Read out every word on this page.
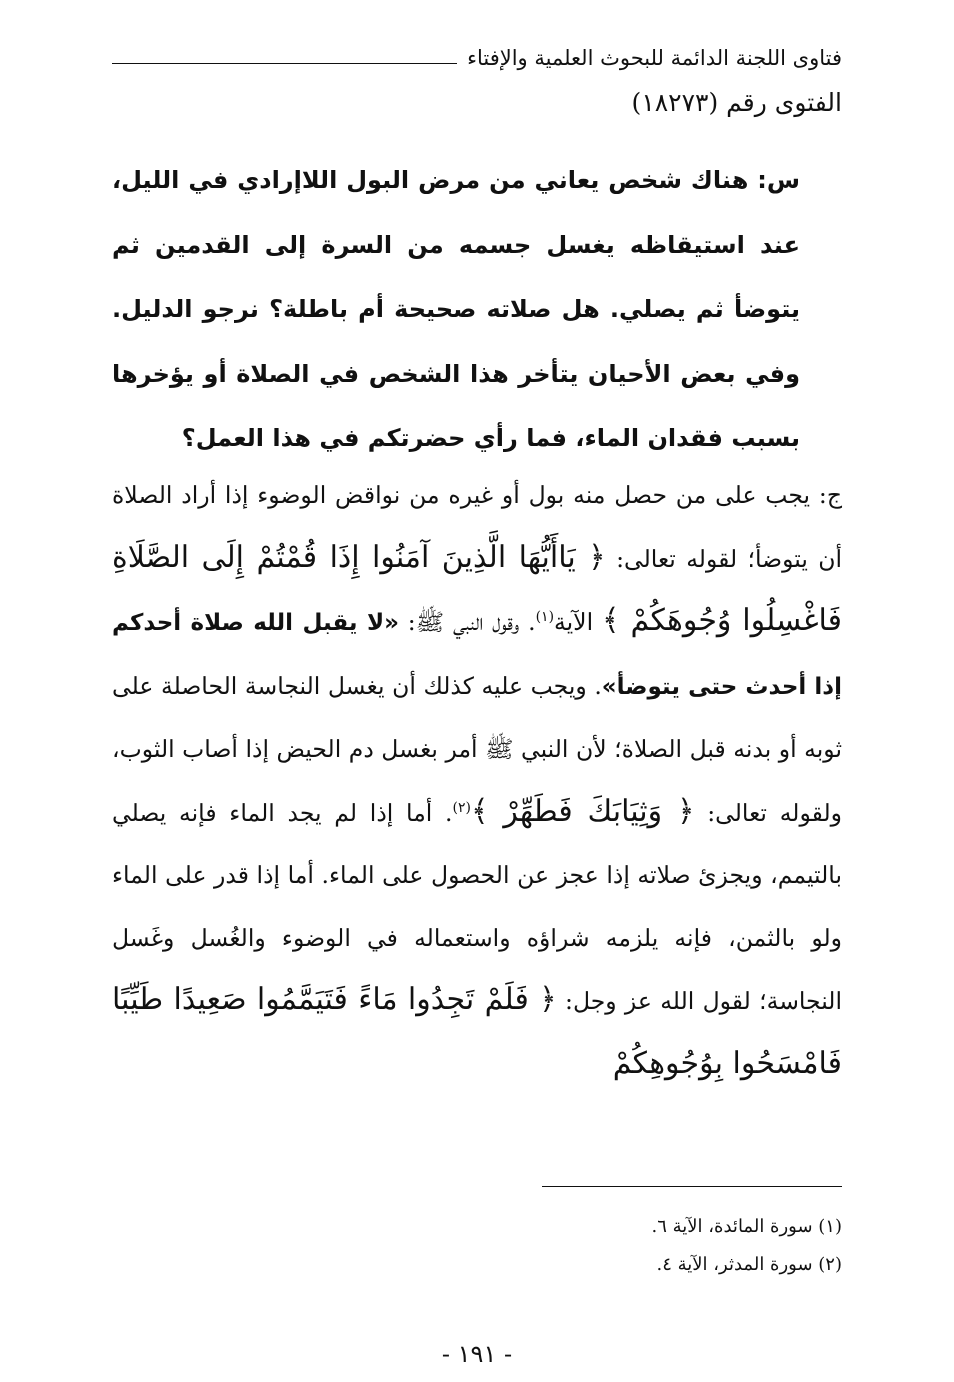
فتاوى اللجنة الدائمة للبحوث العلمية والإفتاء
الفتوى رقم (١٨٢٧٣)

س: هناك شخص يعاني من مرض البول اللاإرادي في الليل، عند استيقاظه يغسل جسمه من السرة إلى القدمين ثم يتوضأ ثم يصلي. هل صلاته صحيحة أم باطلة؟ نرجو الدليل. وفي بعض الأحيان يتأخر هذا الشخص في الصلاة أو يؤخرها بسبب فقدان الماء، فما رأي حضرتكم في هذا العمل؟

ج: يجب على من حصل منه بول أو غيره من نواقض الوضوء إذا أراد الصلاة أن يتوضأ؛ لقوله تعالى: ﴿ يَاأَيُّهَا الَّذِينَ آمَنُوا إِذَا قُمْتُمْ إِلَى الصَّلَاةِ فَاغْسِلُوا وُجُوهَكُمْ ﴾ الآية$^{(١)}$. وقول النبي ﷺ: «لا يقبل الله صلاة أحدكم إذا أحدث حتى يتوضأ». ويجب عليه كذلك أن يغسل النجاسة الحاصلة على ثوبه أو بدنه قبل الصلاة؛ لأن النبي ﷺ أمر بغسل دم الحيض إذا أصاب الثوب، ولقوله تعالى: ﴿ وَثِيَابَكَ فَطَهِّرْ ﴾$^{(٢)}$. أما إذا لم يجد الماء فإنه يصلي بالتيمم، ويجزئ صلاته إذا عجز عن الحصول على الماء. أما إذا قدر على الماء ولو بالثمن، فإنه يلزمه شراؤه واستعماله في الوضوء والغُسل وغَسل النجاسة؛ لقول الله عز وجل: ﴿ فَلَمْ تَجِدُوا مَاءً فَتَيَمَّمُوا صَعِيدًا طَيِّبًا فَامْسَحُوا بِوُجُوهِكُمْ

(١) سورة المائدة، الآية ٦.
(٢) سورة المدثر، الآية ٤.
- ١٩١ -
